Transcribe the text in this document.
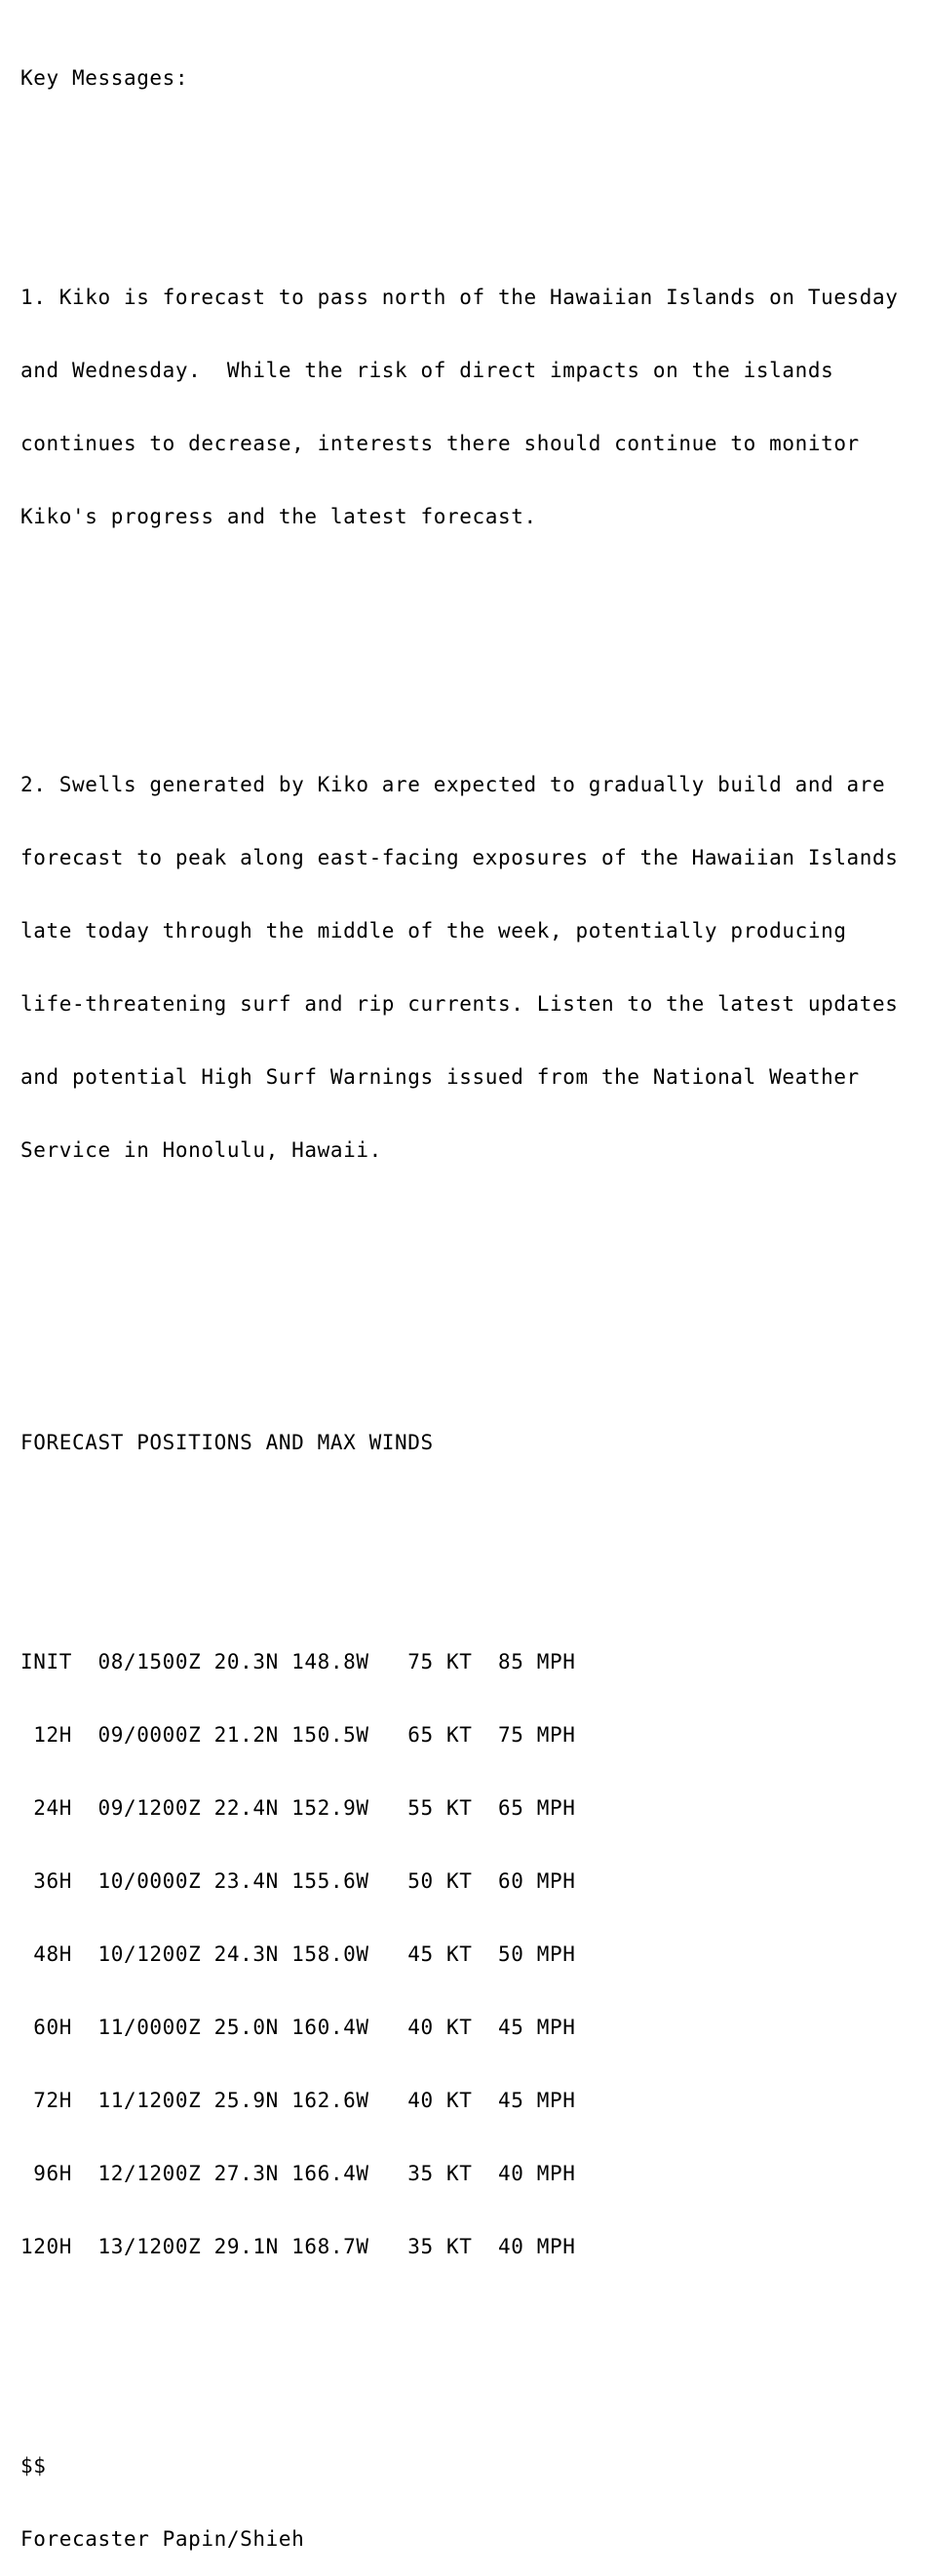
Key Messages:

1. Kiko is forecast to pass north of the Hawaiian Islands on Tuesday

and Wednesday.  While the risk of direct impacts on the islands

continues to decrease, interests there should continue to monitor

Kiko's progress and the latest forecast.

2. Swells generated by Kiko are expected to gradually build and are

forecast to peak along east-facing exposures of the Hawaiian Islands

late today through the middle of the week, potentially producing

life-threatening surf and rip currents. Listen to the latest updates

and potential High Surf Warnings issued from the National Weather

Service in Honolulu, Hawaii.

FORECAST POSITIONS AND MAX WINDS

INIT  08/1500Z 20.3N 148.8W   75 KT  85 MPH

12H  09/0000Z 21.2N 150.5W   65 KT  75 MPH

24H  09/1200Z 22.4N 152.9W   55 KT  65 MPH

36H  10/0000Z 23.4N 155.6W   50 KT  60 MPH

48H  10/1200Z 24.3N 158.0W   45 KT  50 MPH

60H  11/0000Z 25.0N 160.4W   40 KT  45 MPH

72H  11/1200Z 25.9N 162.6W   40 KT  45 MPH

96H  12/1200Z 27.3N 166.4W   35 KT  40 MPH

120H  13/1200Z 29.1N 168.7W   35 KT  40 MPH

$$

Forecaster Papin/Shieh
